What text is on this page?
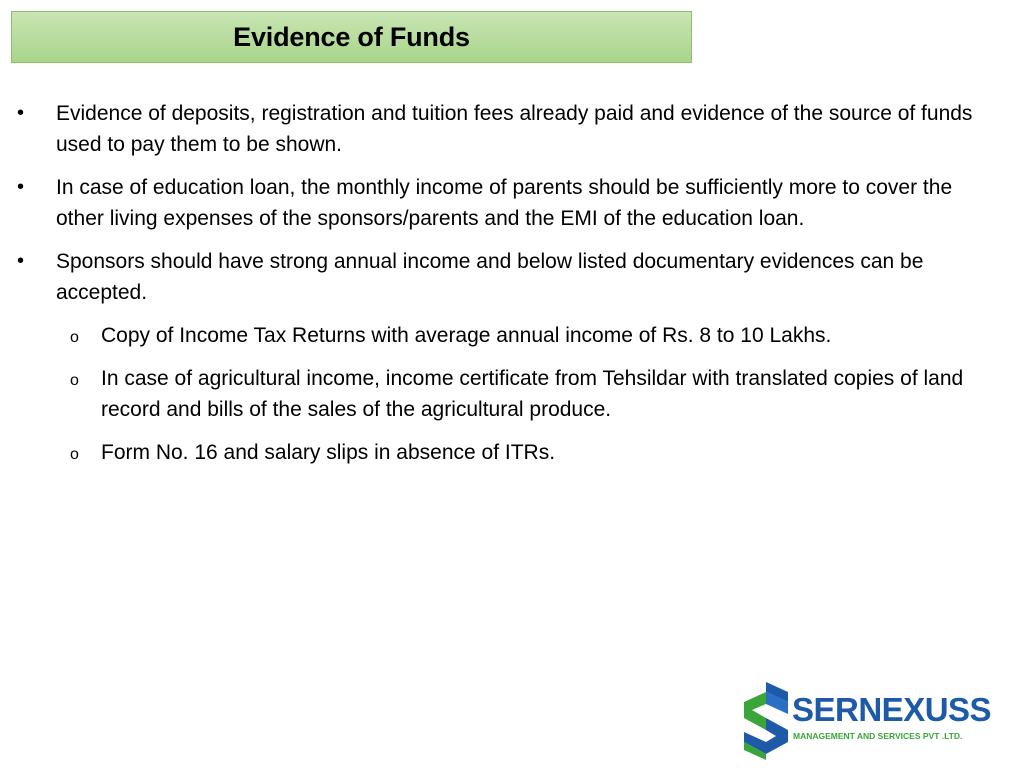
Evidence of Funds
• Evidence of deposits, registration and tuition fees already paid and evidence of the source of funds used to pay them to be shown.
• In case of education loan, the monthly income of parents should be sufficiently more to cover the other living expenses of the sponsors/parents and the EMI of the education loan.
• Sponsors should have strong annual income and below listed documentary evidences can be accepted.
o Copy of Income Tax Returns with average annual income of Rs. 8 to 10 Lakhs.
o In case of agricultural income, income certificate from Tehsildar with translated copies of land record and bills of the sales of the agricultural produce.
o Form No. 16 and salary slips in absence of ITRs.
SERNEXUSS
MANAGEMENT AND SERVICES PVT .LTD.
